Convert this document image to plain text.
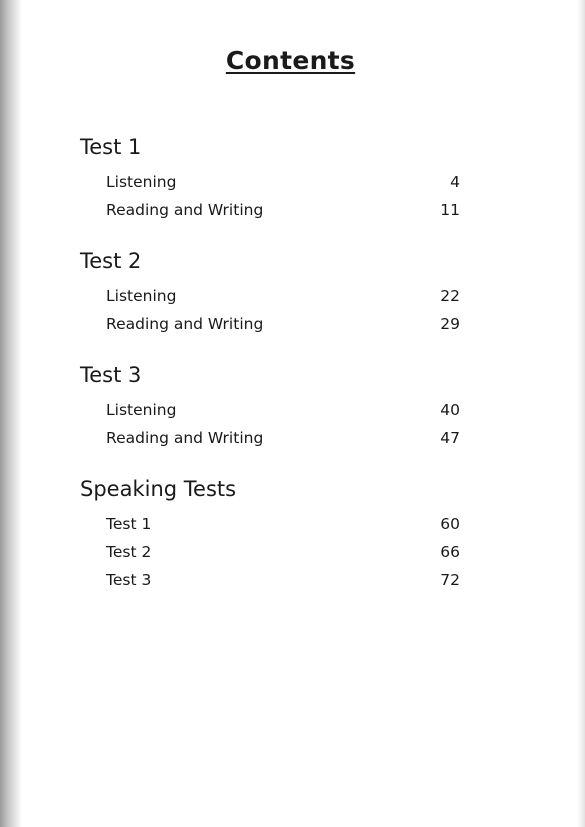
Contents
Test 1
Listening	4
Reading and Writing	11
Test 2
Listening	22
Reading and Writing	29
Test 3
Listening	40
Reading and Writing	47
Speaking Tests
Test 1	60
Test 2	66
Test 3	72
